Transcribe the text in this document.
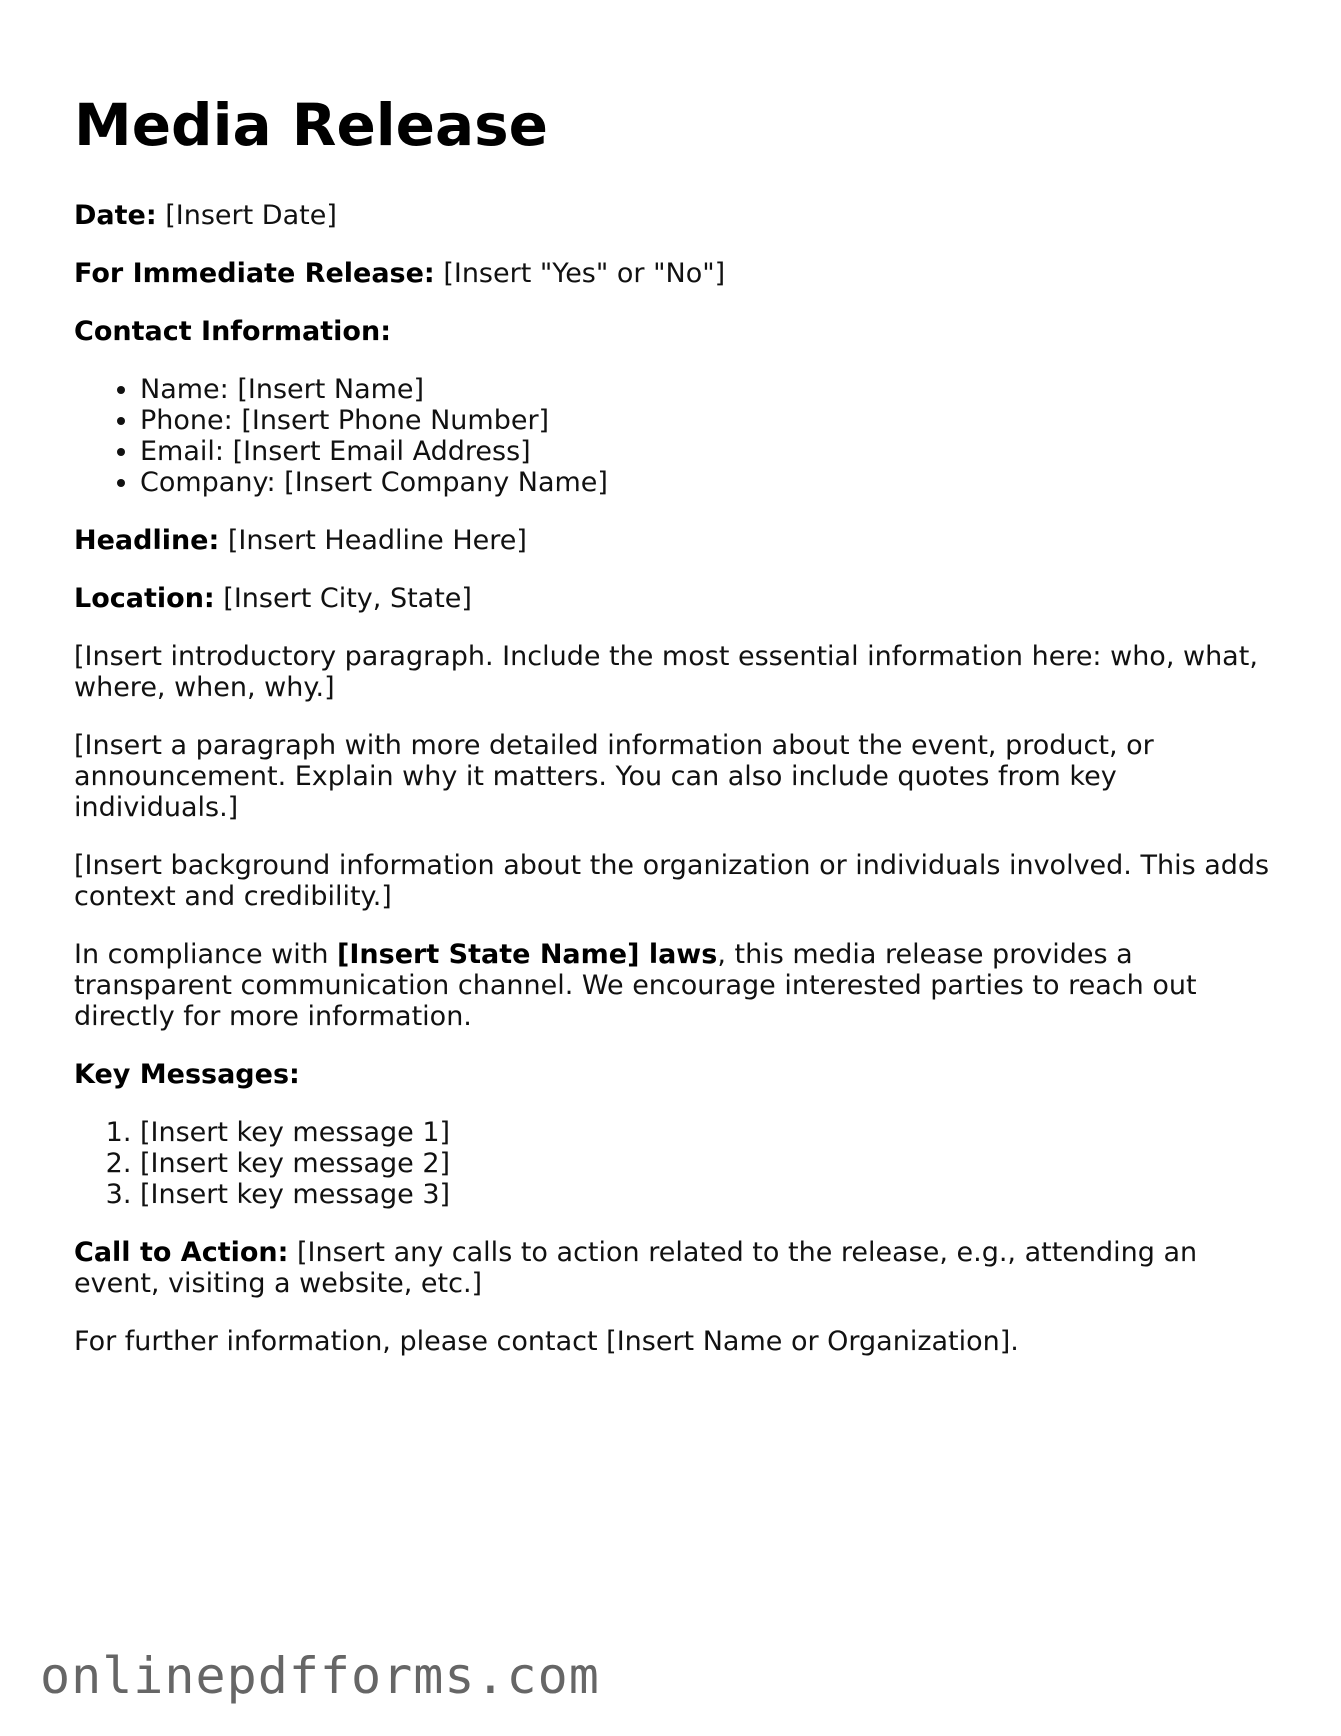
Media Release

Date: [Insert Date]

For Immediate Release: [Insert "Yes" or "No"]

Contact Information:

• Name: [Insert Name]
• Phone: [Insert Phone Number]
• Email: [Insert Email Address]
• Company: [Insert Company Name]

Headline: [Insert Headline Here]

Location: [Insert City, State]

[Insert introductory paragraph. Include the most essential information here: who, what, where, when, why.]

[Insert a paragraph with more detailed information about the event, product, or announcement. Explain why it matters. You can also include quotes from key individuals.]

[Insert background information about the organization or individuals involved. This adds context and credibility.]

In compliance with [Insert State Name] laws, this media release provides a transparent communication channel. We encourage interested parties to reach out directly for more information.

Key Messages:

1. [Insert key message 1]
2. [Insert key message 2]
3. [Insert key message 3]

Call to Action: [Insert any calls to action related to the release, e.g., attending an event, visiting a website, etc.]

For further information, please contact [Insert Name or Organization].

onlinepdfforms.com
